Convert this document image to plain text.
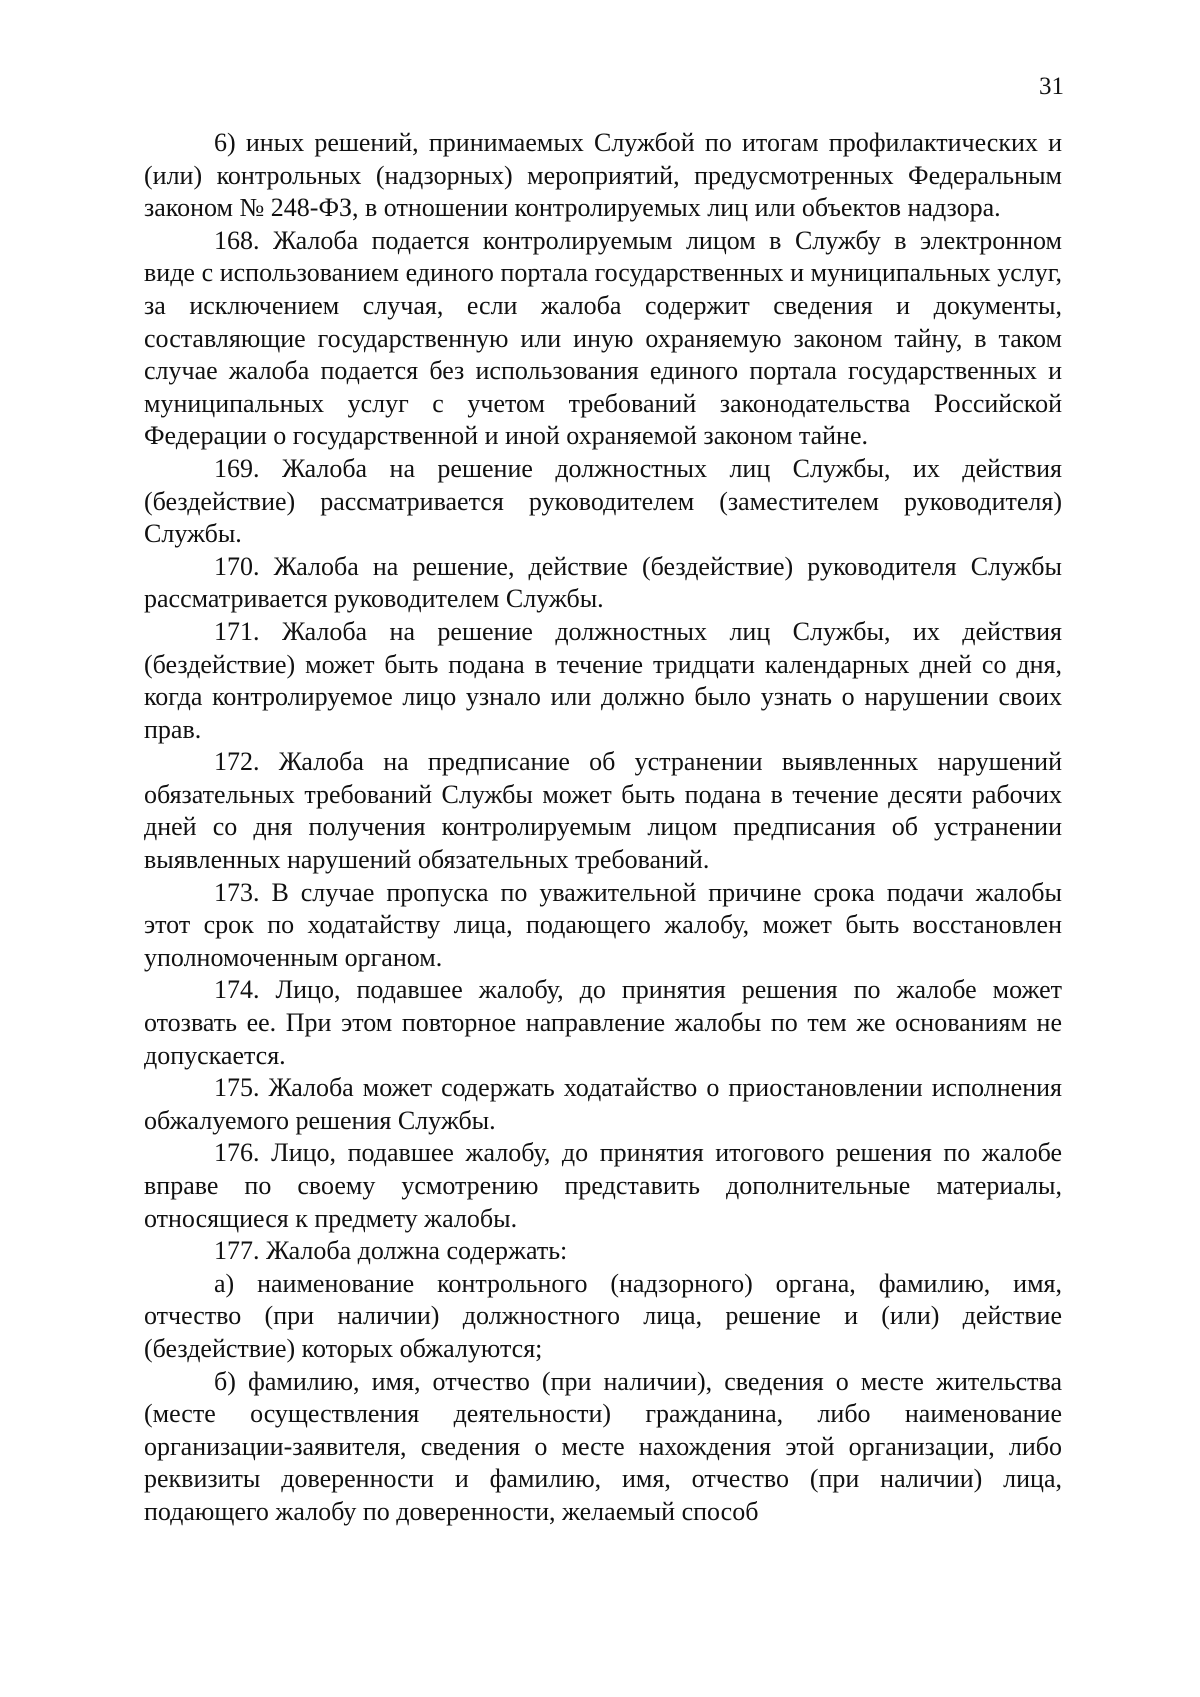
31

6) иных решений, принимаемых Службой по итогам профилактических и (или) контрольных (надзорных) мероприятий, предусмотренных Федеральным законом № 248-ФЗ, в отношении контролируемых лиц или объектов надзора.

168. Жалоба подается контролируемым лицом в Службу в электронном виде с использованием единого портала государственных и муниципальных услуг, за исключением случая, если жалоба содержит сведения и документы, составляющие государственную или иную охраняемую законом тайну, в таком случае жалоба подается без использования единого портала государственных и муниципальных услуг с учетом требований законодательства Российской Федерации о государственной и иной охраняемой законом тайне.

169. Жалоба на решение должностных лиц Службы, их действия (бездействие) рассматривается руководителем (заместителем руководителя) Службы.

170. Жалоба на решение, действие (бездействие) руководителя Службы рассматривается руководителем Службы.

171. Жалоба на решение должностных лиц Службы, их действия (бездействие) может быть подана в течение тридцати календарных дней со дня, когда контролируемое лицо узнало или должно было узнать о нарушении своих прав.

172. Жалоба на предписание об устранении выявленных нарушений обязательных требований Службы может быть подана в течение десяти рабочих дней со дня получения контролируемым лицом предписания об устранении выявленных нарушений обязательных требований.

173. В случае пропуска по уважительной причине срока подачи жалобы этот срок по ходатайству лица, подающего жалобу, может быть восстановлен уполномоченным органом.

174. Лицо, подавшее жалобу, до принятия решения по жалобе может отозвать ее. При этом повторное направление жалобы по тем же основаниям не допускается.

175. Жалоба может содержать ходатайство о приостановлении исполнения обжалуемого решения Службы.

176. Лицо, подавшее жалобу, до принятия итогового решения по жалобе вправе по своему усмотрению представить дополнительные материалы, относящиеся к предмету жалобы.

177. Жалоба должна содержать:

а) наименование контрольного (надзорного) органа, фамилию, имя, отчество (при наличии) должностного лица, решение и (или) действие (бездействие) которых обжалуются;

б) фамилию, имя, отчество (при наличии), сведения о месте жительства (месте осуществления деятельности) гражданина, либо наименование организации-заявителя, сведения о месте нахождения этой организации, либо реквизиты доверенности и фамилию, имя, отчество (при наличии) лица, подающего жалобу по доверенности, желаемый способ
